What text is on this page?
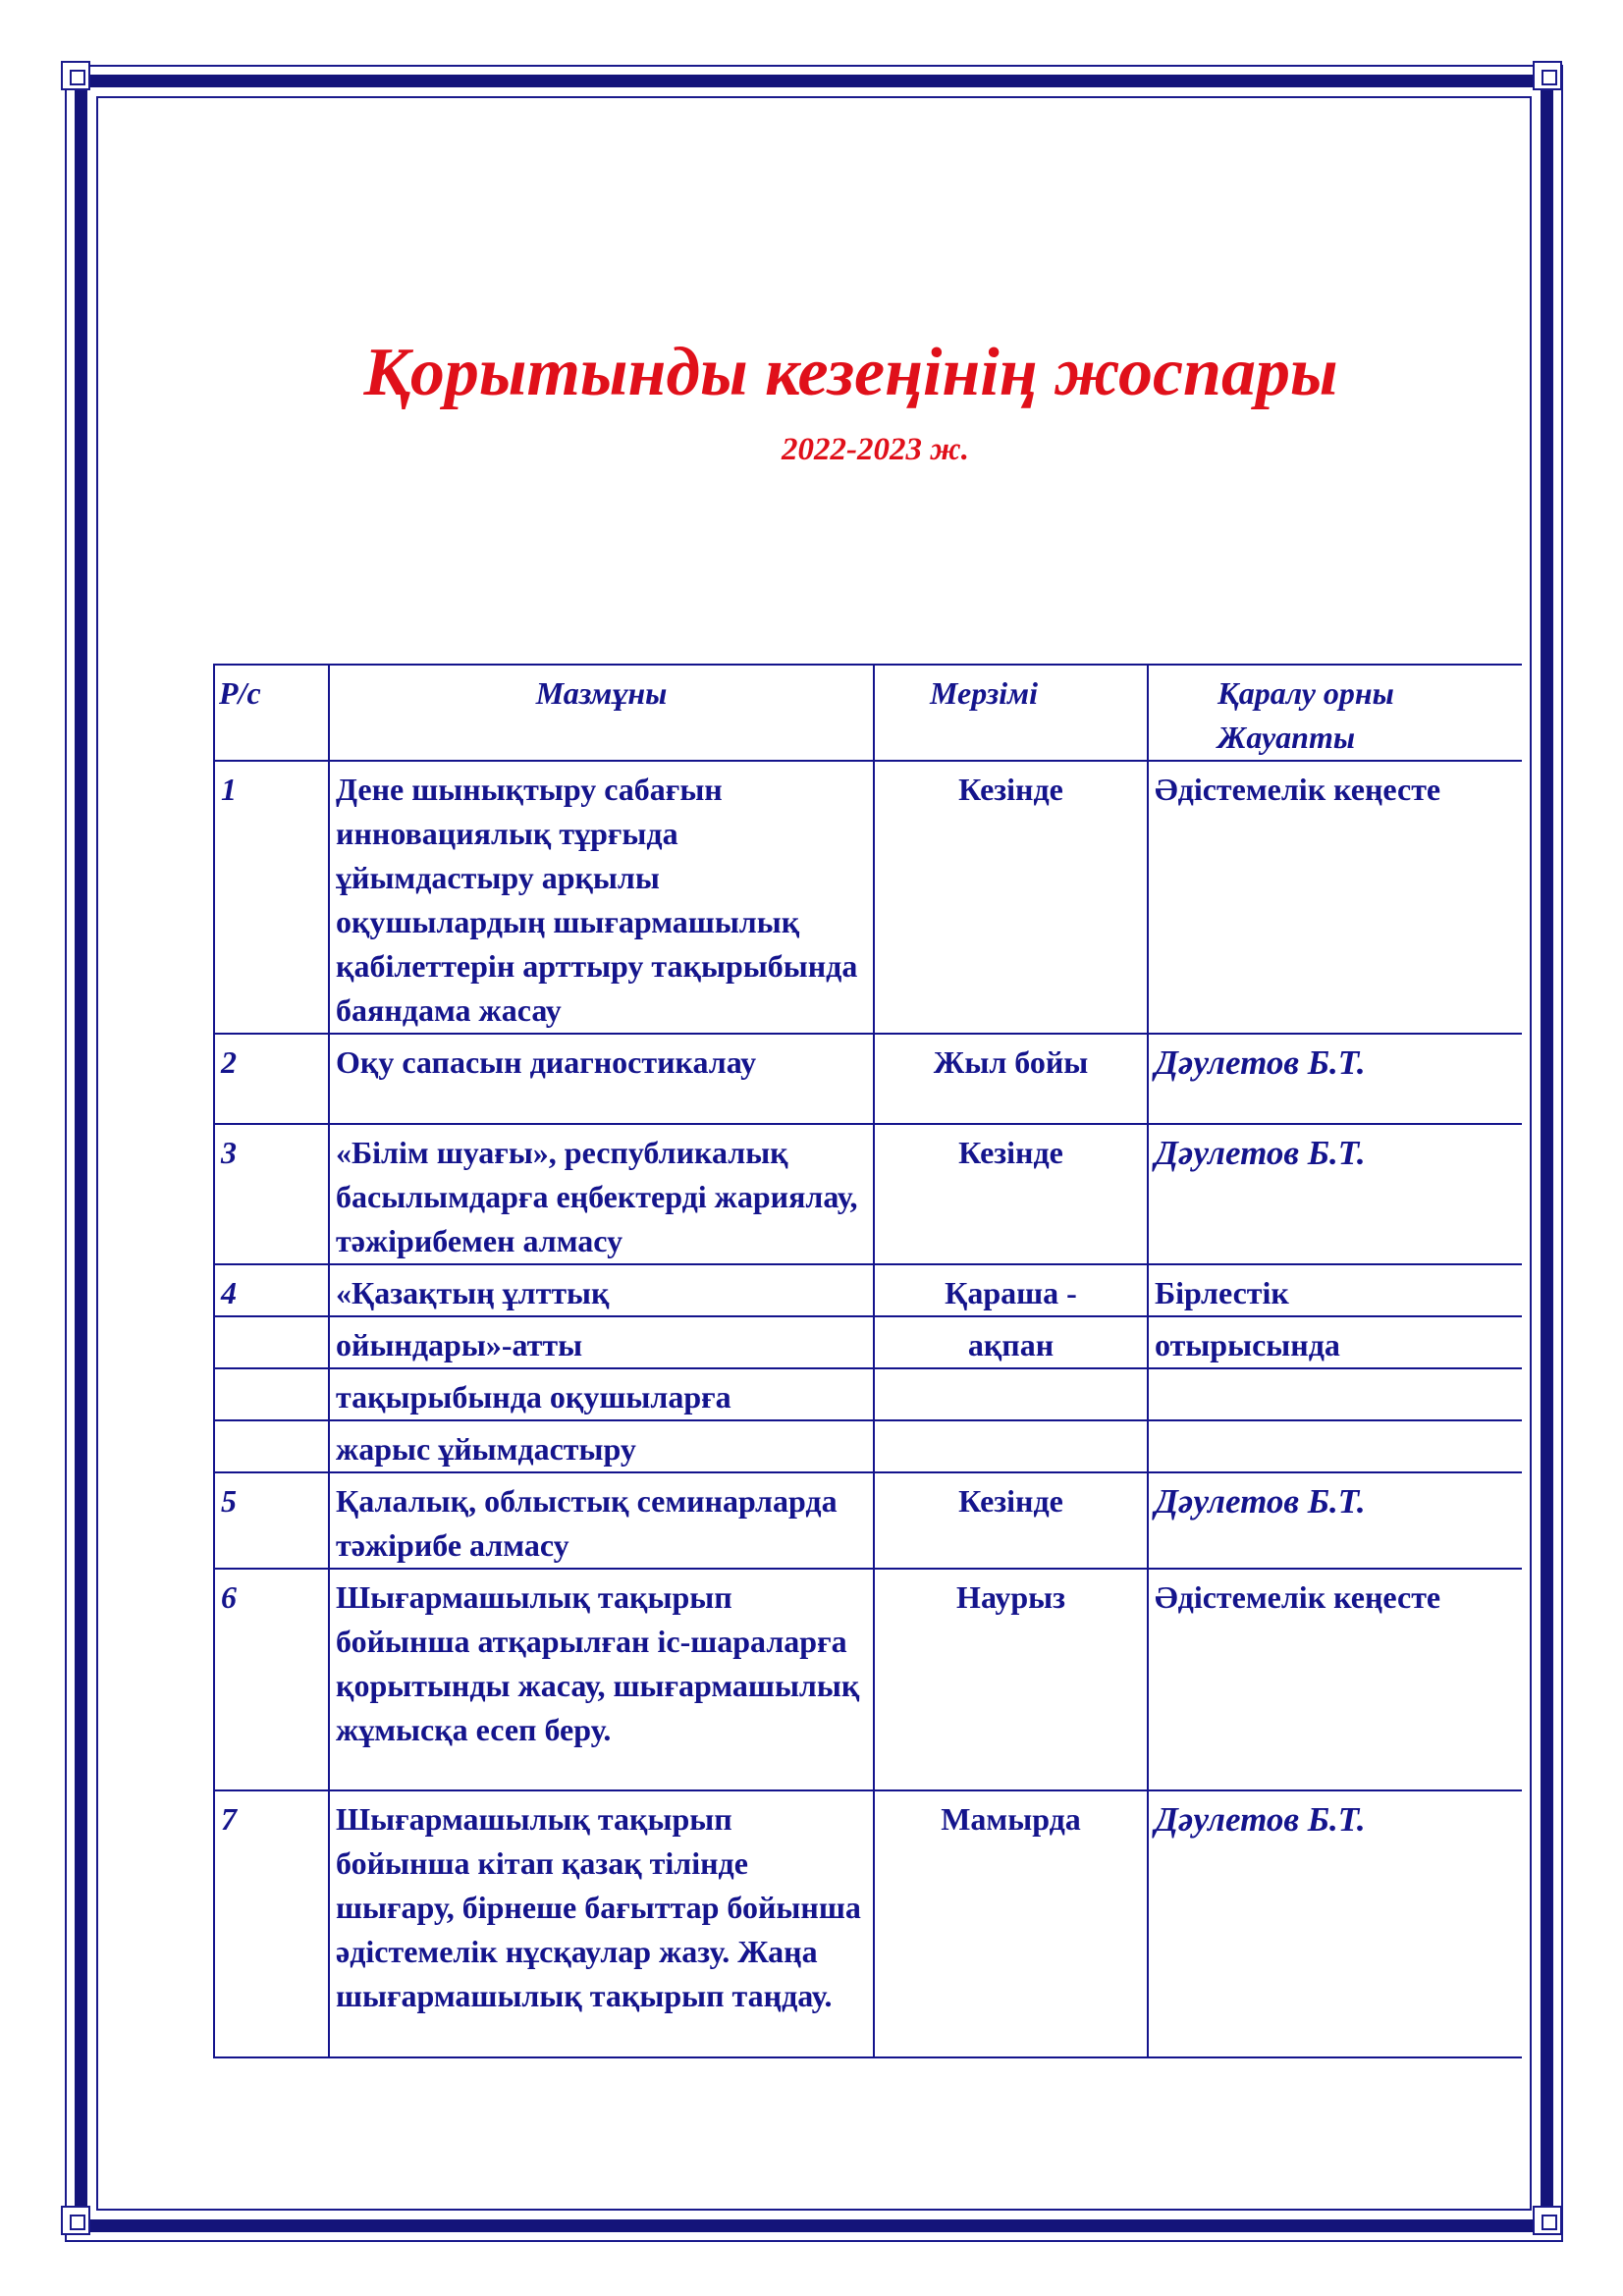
Қорытынды кезеңінің жоспары

2022-2023 ж.

Р/с	Мазмұны	Мерзімі	Қаралу орны
Жауапты

1	Дене шынықтыру сабағын инновациялық тұрғыда ұйымдастыру арқылы оқушылардың шығармашылық қабілеттерін арттыру тақырыбында баяндама жасау	Кезінде	Әдістемелік кеңесте
2	Оқу сапасын диагностикалау	Жыл бойы	Дәулетов Б.Т.
3	«Білім шуағы», республикалық басылымдарға еңбектерді жариялау, тәжірибемен алмасу	Кезінде	Дәулетов Б.Т.
4	«Қазақтың ұлттық	Қараша -	Бірлестік
	ойындары»-атты	ақпан	отырысында
	тақырыбында оқушыларға		
	жарыс ұйымдастыру		
5	Қалалық, облыстық семинарларда тәжірибе алмасу	Кезінде	Дәулетов Б.Т.
6	Шығармашылық тақырып бойынша атқарылған іс-шараларға қорытынды жасау, шығармашылық жұмысқа есеп беру.	Наурыз	Әдістемелік кеңесте
7	Шығармашылық тақырып бойынша кітап қазақ тілінде шығару, бірнеше бағыттар бойынша әдістемелік нұсқаулар жазу. Жаңа шығармашылық тақырып таңдау.	Мамырда	Дәулетов Б.Т.
